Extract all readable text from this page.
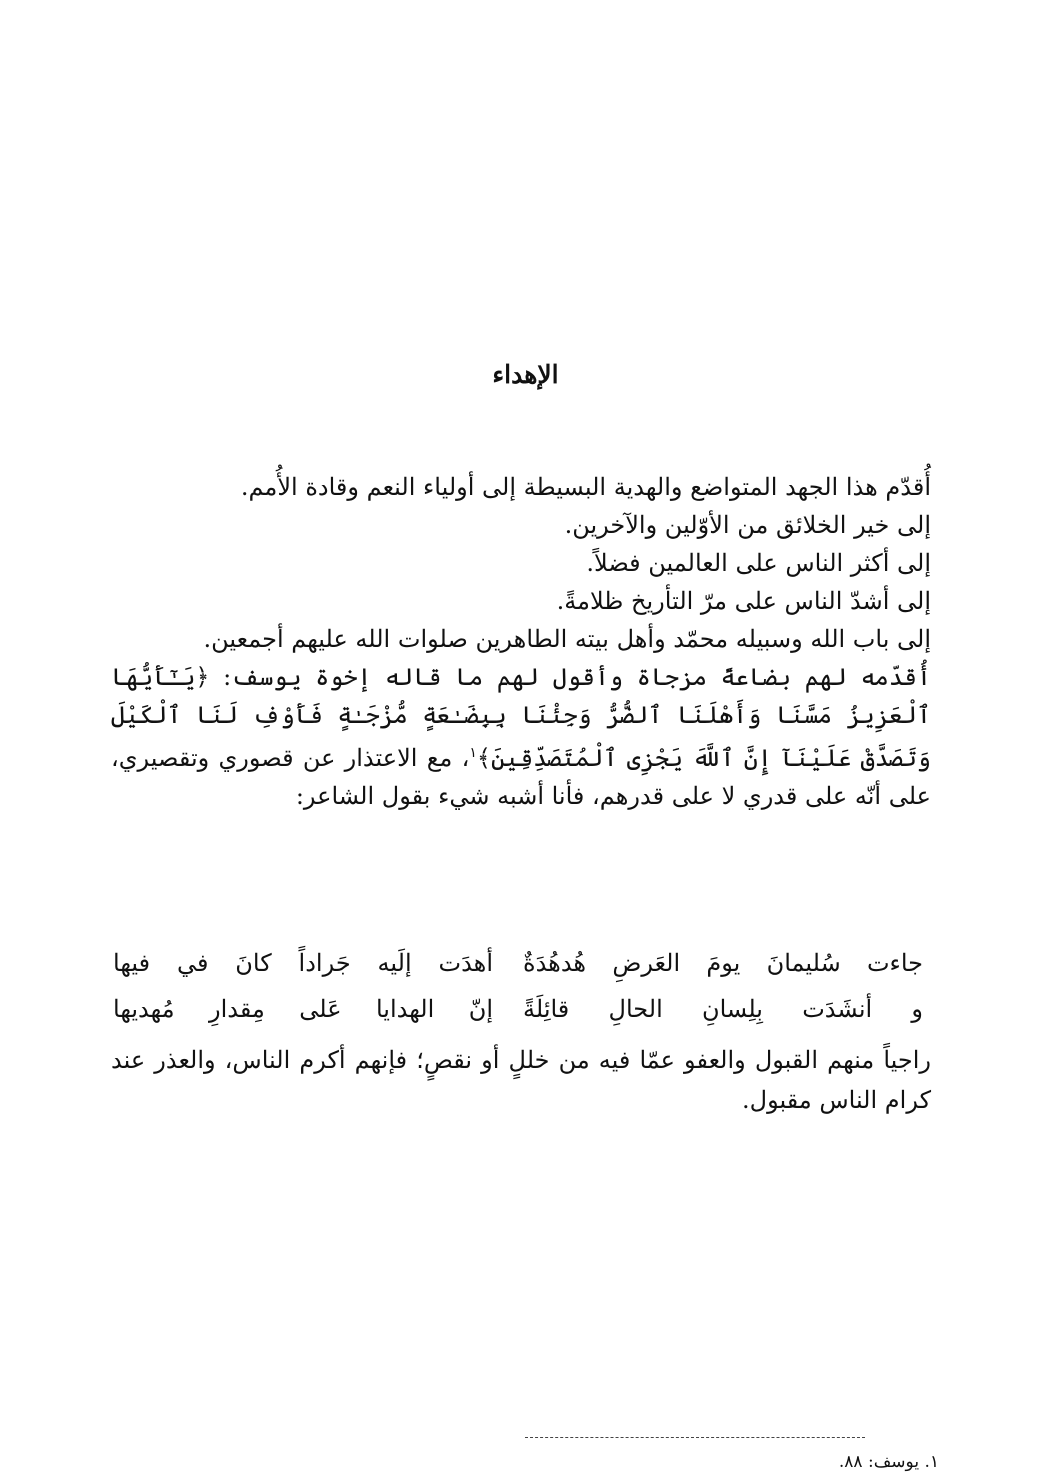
الإهداء

أُقدّم هذا الجهد المتواضع والهدية البسيطة إلى أولياء النعم وقادة الأُمم.

إلى خير الخلائق من الأوّلين والآخرين.

إلى أكثر الناس على العالمين فضلاً.

إلى أشدّ الناس على مرّ التأريخ ظلامةً.

إلى باب الله وسبيله محمّد وأهل بيته الطاهرين صلوات الله عليهم أجمعين.

أُقدّمه لهم بضاعةً مزجاة وأقول لهم ما قاله إخوة يوسف: ﴿يَـٰٓأَيُّهَا ٱلْعَزِيزُ مَسَّنَا وَأَهْلَنَا ٱلضُّرُّ وَجِئْنَا بِبِضَـٰعَةٍ مُّزْجَـٰةٍ فَأَوْفِ لَنَا ٱلْكَيْلَ وَتَصَدَّقْ عَلَيْنَآ إِنَّ ٱللَّهَ يَجْزِى ٱلْمُتَصَدِّقِينَ﴾$^١$، مع الاعتذار عن قصوري وتقصيري، على أنّه على قدري لا على قدرهم، فأنا أشبه شيء بقول الشاعر:

جاءت سُليمانَ يومَ العَرضِ هُدهُدَةٌ
أهدَت إلَيه جَراداً كانَ في فيها
و أنشَدَت بِلِسانِ الحالِ قائِلَةً
إنّ الهدايا عَلى مِقدارِ مُهديها

راجياً منهم القبول والعفو عمّا فيه من خللٍ أو نقصٍ؛ فإنهم أكرم الناس، والعذر عند كرام الناس مقبول.

١. يوسف: ٨٨.
